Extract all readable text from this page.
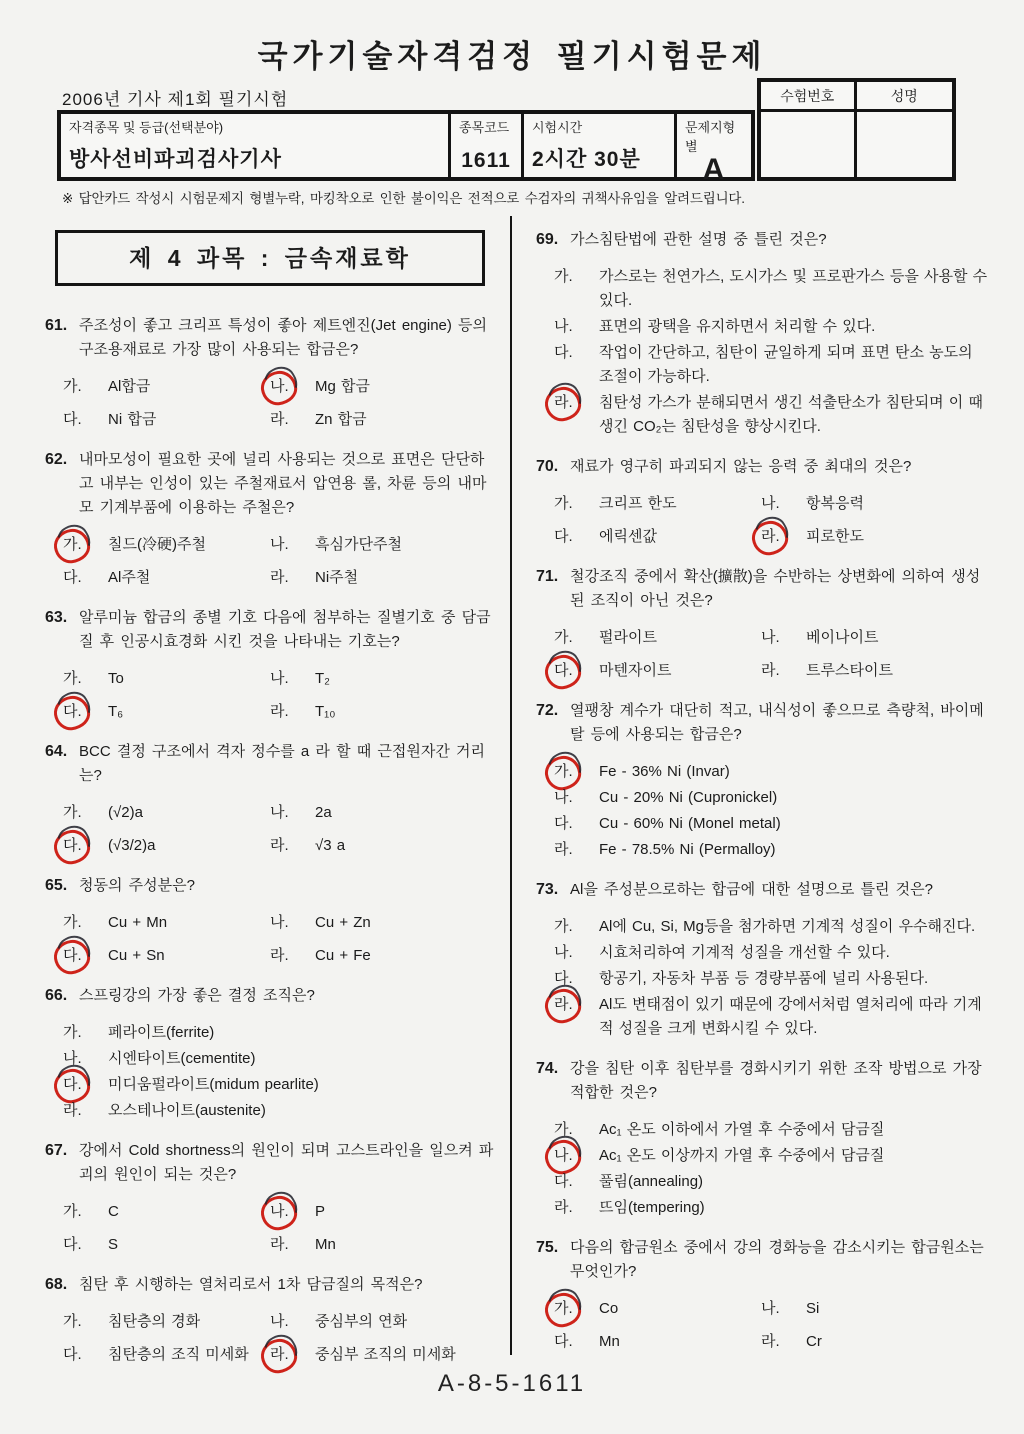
국가기술자격검정 필기시험문제
2006년 기사 제1회 필기시험
자격종목 및 등급(선택분야)
방사선비파괴검사기사
종목코드
1611
시험시간
2시간 30분
문제지형별
A
수험번호	성명
※ 답안카드 작성시 시험문제지 형별누락, 마킹착오로 인한 불이익은 전적으로 수검자의 귀책사유임을 알려드립니다.
제 4 과목 : 금속재료학
61. 주조성이 좋고 크리프 특성이 좋아 제트엔진(Jet engine) 등의 구조용재료로 가장 많이 사용되는 합금은?
가.	Al합금	나.	Mg 합금
다.	Ni 합금	라.	Zn 합금
62. 내마모성이 필요한 곳에 널리 사용되는 것으로 표면은 단단하고 내부는 인성이 있는 주철재료서 압연용 롤, 차륜 등의 내마모 기계부품에 이용하는 주철은?
가.	칠드(冷硬)주철	나.	흑심가단주철
다.	Al주철	라.	Ni주철
63. 알루미늄 합금의 종별 기호 다음에 첨부하는 질별기호 중 담금질 후 인공시효경화 시킨 것을 나타내는 기호는?
가.	To	나.	T₂
다.	T₆	라.	T₁₀
64. BCC 결정 구조에서 격자 정수를 a 라 할 때 근접원자간 거리는?
가.	(√2)a	나.	2a
다.	(√3/2)a	라.	√3 a
65. 청동의 주성분은?
가.	Cu + Mn	나.	Cu + Zn
다.	Cu + Sn	라.	Cu + Fe
66. 스프링강의 가장 좋은 결정 조직은?
가.	페라이트(ferrite)
나.	시엔타이트(cementite)
다.	미디움펄라이트(midum pearlite)
라.	오스테나이트(austenite)
67. 강에서 Cold shortness의 원인이 되며 고스트라인을 일으켜 파괴의 원인이 되는 것은?
가.	C	나.	P
다.	S	라.	Mn
68. 침탄 후 시행하는 열처리로서 1차 담금질의 목적은?
가.	침탄층의 경화	나.	중심부의 연화
다.	침탄층의 조직 미세화 라.	중심부 조직의 미세화
69. 가스침탄법에 관한 설명 중 틀린 것은?
가.	가스로는 천연가스, 도시가스 및 프로판가스 등을 사용할 수 있다.
나.	표면의 광택을 유지하면서 처리할 수 있다.
다.	작업이 간단하고, 침탄이 균일하게 되며 표면 탄소 농도의 조절이 가능하다.
라.	침탄성 가스가 분해되면서 생긴 석출탄소가 침탄되며 이 때 생긴 CO₂는 침탄성을 향상시킨다.
70. 재료가 영구히 파괴되지 않는 응력 중 최대의 것은?
가.	크리프 한도	나.	항복응력
다.	에릭센값	라.	피로한도
71. 철강조직 중에서 확산(擴散)을 수반하는 상변화에 의하여 생성된 조직이 아닌 것은?
가.	펄라이트	나.	베이나이트
다.	마텐자이트	라.	트루스타이트
72. 열팽창 계수가 대단히 적고, 내식성이 좋으므로 측량척, 바이메탈 등에 사용되는 합금은?
가.	Fe - 36% Ni (Invar)
나.	Cu - 20% Ni (Cupronickel)
다.	Cu - 60% Ni (Monel metal)
라.	Fe - 78.5% Ni (Permalloy)
73. Al을 주성분으로하는 합금에 대한 설명으로 틀린 것은?
가.	Al에 Cu, Si, Mg등을 첨가하면 기계적 성질이 우수해진다.
나.	시효처리하여 기계적 성질을 개선할 수 있다.
다.	항공기, 자동차 부품 등 경량부품에 널리 사용된다.
라.	Al도 변태점이 있기 때문에 강에서처럼 열처리에 따라 기계적 성질을 크게 변화시킬 수 있다.
74. 강을 침탄 이후 침탄부를 경화시키기 위한 조작 방법으로 가장 적합한 것은?
가.	Ac₁ 온도 이하에서 가열 후 수중에서 담금질
나.	Ac₁ 온도 이상까지 가열 후 수중에서 담금질
다.	풀림(annealing)
라.	뜨임(tempering)
75. 다음의 합금원소 중에서 강의 경화능을 감소시키는 합금원소는 무엇인가?
가.	Co	나.	Si
다.	Mn	라.	Cr
A-8-5-1611
